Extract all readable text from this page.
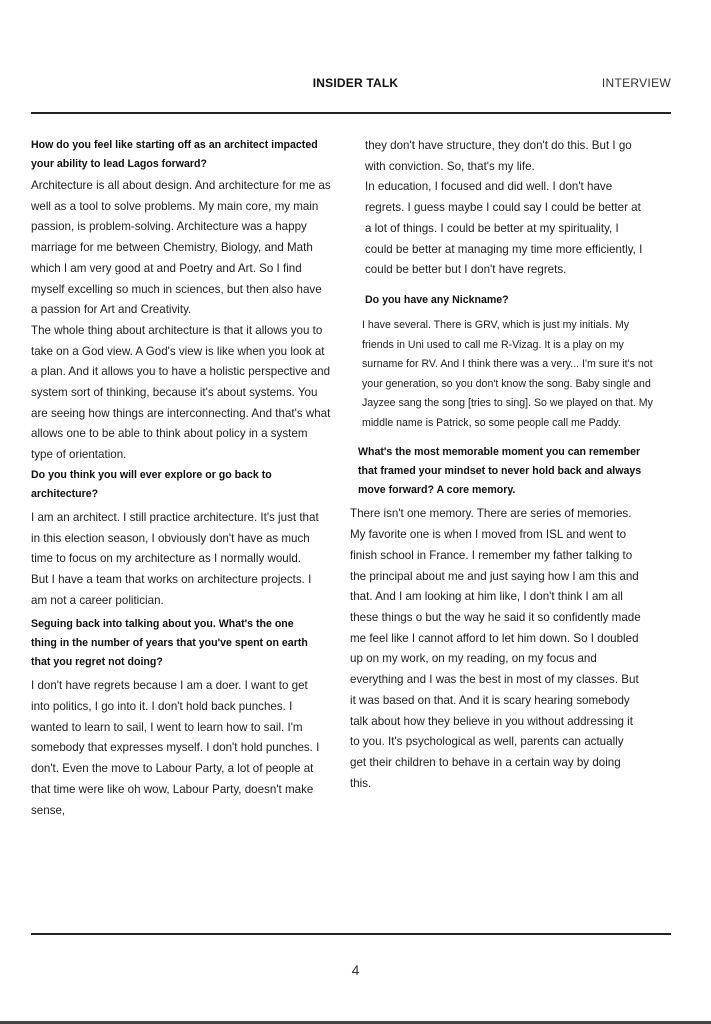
INSIDER TALK	INTERVIEW

How do you feel like starting off as an architect impacted your ability to lead Lagos forward?

Architecture is all about design. And architecture for me as well as a tool to solve problems. My main core, my main passion, is problem-solving. Architecture was a happy marriage for me between Chemistry, Biology, and Math which I am very good at and Poetry and Art. So I find myself excelling so much in sciences, but then also have a passion for Art and Creativity.
The whole thing about architecture is that it allows you to take on a God view. A God's view is like when you look at a plan. And it allows you to have a holistic perspective and system sort of thinking, because it's about systems. You are seeing how things are interconnecting. And that's what allows one to be able to think about policy in a system type of orientation.

Do you think you will ever explore or go back to architecture?

I am an architect. I still practice architecture. It's just that in this election season, I obviously don't have as much time to focus on my architecture as I normally would. But I have a team that works on architecture projects. I am not a career politician.

Seguing back into talking about you. What's the one thing in the number of years that you've spent on earth that you regret not doing?

I don't have regrets because I am a doer. I want to get into politics, I go into it. I don't hold back punches. I wanted to learn to sail, I went to learn how to sail. I'm somebody that expresses myself. I don't hold punches. I don't. Even the move to Labour Party, a lot of people at that time were like oh wow, Labour Party, doesn't make sense,

they don't have structure, they don't do this. But I go with conviction. So, that's my life.
In education, I focused and did well. I don't have regrets. I guess maybe I could say I could be better at a lot of things. I could be better at my spirituality, I could be better at managing my time more efficiently, I could be better but I don't have regrets.

Do you have any Nickname?

I have several. There is GRV, which is just my initials. My friends in Uni used to call me R-Vizag. It is a play on my surname for RV. And I think there was a very... I'm sure it's not your generation, so you don't know the song. Baby single and Jayzee sang the song [tries to sing]. So we played on that. My middle name is Patrick, so some people call me Paddy.

What's the most memorable moment you can remember that framed your mindset to never hold back and always move forward? A core memory.

There isn't one memory. There are series of memories.
My favorite one is when I moved from ISL and went to finish school in France. I remember my father talking to the principal about me and just saying how I am this and that. And I am looking at him like, I don't think I am all these things o but the way he said it so confidently made me feel like I cannot afford to let him down. So I doubled up on my work, on my reading, on my focus and everything and I was the best in most of my classes. But it was based on that. And it is scary hearing somebody talk about how they believe in you without addressing it to you. It's psychological as well, parents can actually get their children to behave in a certain way by doing this.

4
